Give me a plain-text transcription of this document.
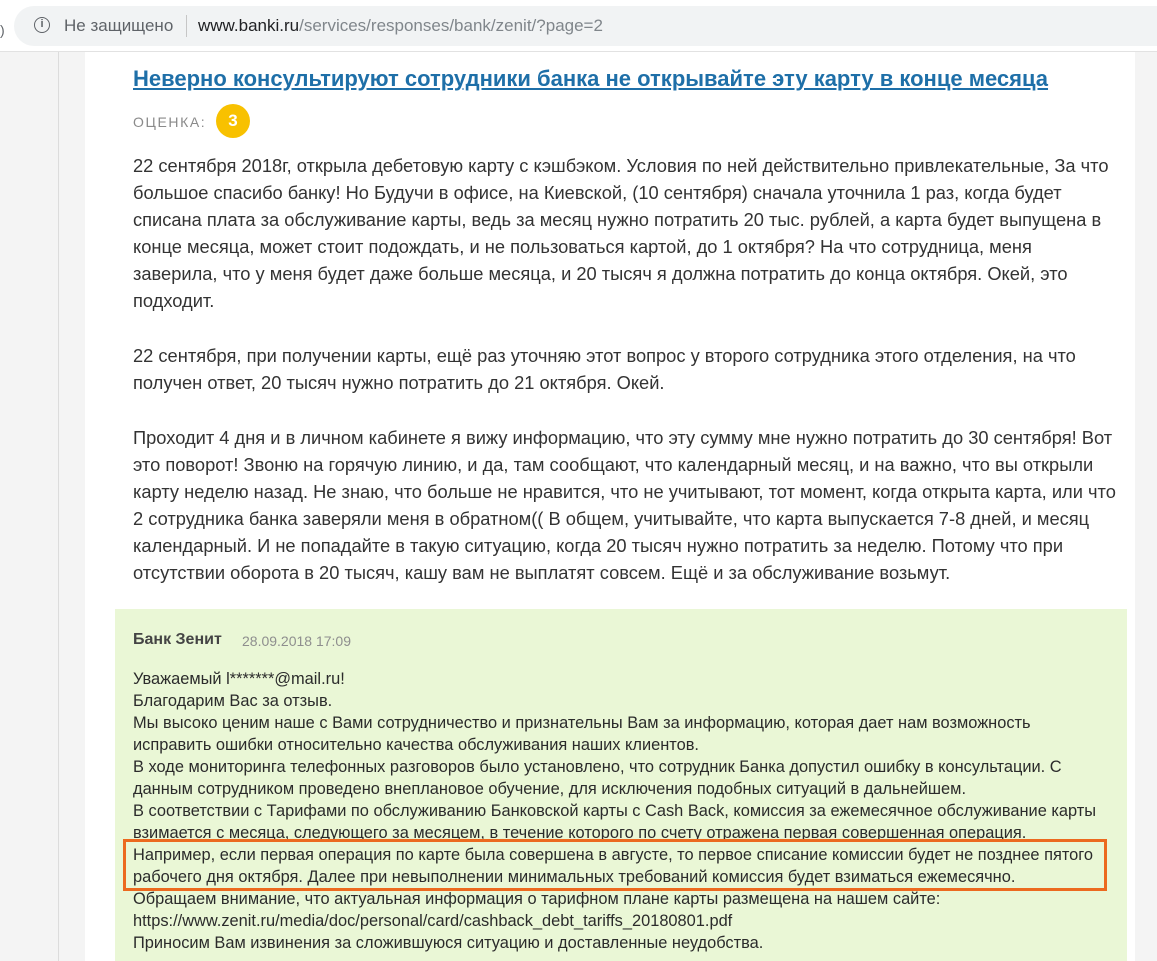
i	Не защищено www.banki.ru/services/responses/bank/zenit/?page=2
)
Неверно консультируют сотрудники банка не открывайте эту карту в конце месяца
ОЦЕНКА:	3

22 сентября 2018г, открыла дебетовую карту с кэшбэком. Условия по ней действительно привлекательные, За что большое спасибо банку! Но Будучи в офисе, на Киевской, (10 сентября) сначала уточнила 1 раз, когда будет списана плата за обслуживание карты, ведь за месяц нужно потратить 20 тыс. рублей, а карта будет выпущена в конце месяца, может стоит подождать, и не пользоваться картой, до 1 октября? На что сотрудница, меня заверила, что у меня будет даже больше месяца, и 20 тысяч я должна потратить до конца октября. Окей, это подходит.

22 сентября, при получении карты, ещё раз уточняю этот вопрос у второго сотрудника этого отделения, на что получен ответ, 20 тысяч нужно потратить до 21 октября. Окей.

Проходит 4 дня и в личном кабинете я вижу информацию, что эту сумму мне нужно потратить до 30 сентября! Вот это поворот! Звоню на горячую линию, и да, там сообщают, что календарный месяц, и на важно, что вы открыли карту неделю назад. Не знаю, что больше не нравится, что не учитывают, тот момент, когда открыта карта, или что 2 сотрудника банка заверяли меня в обратном(( В общем, учитывайте, что карта выпускается 7-8 дней, и месяц календарный. И не попадайте в такую ситуацию, когда 20 тысяч нужно потратить за неделю. Потому что при отсутствии оборота в 20 тысяч, кашу вам не выплатят совсем. Ещё и за обслуживание возьмут.

Банк Зенит 28.09.2018 17:09
Уважаемый l*******@mail.ru!
Благодарим Вас за отзыв.
Мы высоко ценим наше с Вами сотрудничество и признательны Вам за информацию, которая дает нам возможность
исправить ошибки относительно качества обслуживания наших клиентов.
В ходе мониторинга телефонных разговоров было установлено, что сотрудник Банка допустил ошибку в консультации. С
данным сотрудником проведено внеплановое обучение, для исключения подобных ситуаций в дальнейшем.
В соответствии с Тарифами по обслуживанию Банковской карты с Cash Back, комиссия за ежемесячное обслуживание карты
взимается с месяца, следующего за месяцем, в течение которого по счету отражена первая совершенная операция.
Например, если первая операция по карте была совершена в августе, то первое списание комиссии будет не позднее пятого
рабочего дня октября. Далее при невыполнении минимальных требований комиссия будет взиматься ежемесячно.
Обращаем внимание, что актуальная информация о тарифном плане карты размещена на нашем сайте:
https://www.zenit.ru/media/doc/personal/card/cashback_debt_tariffs_20180801.pdf
Приносим Вам извинения за сложившуюся ситуацию и доставленные неудобства.
